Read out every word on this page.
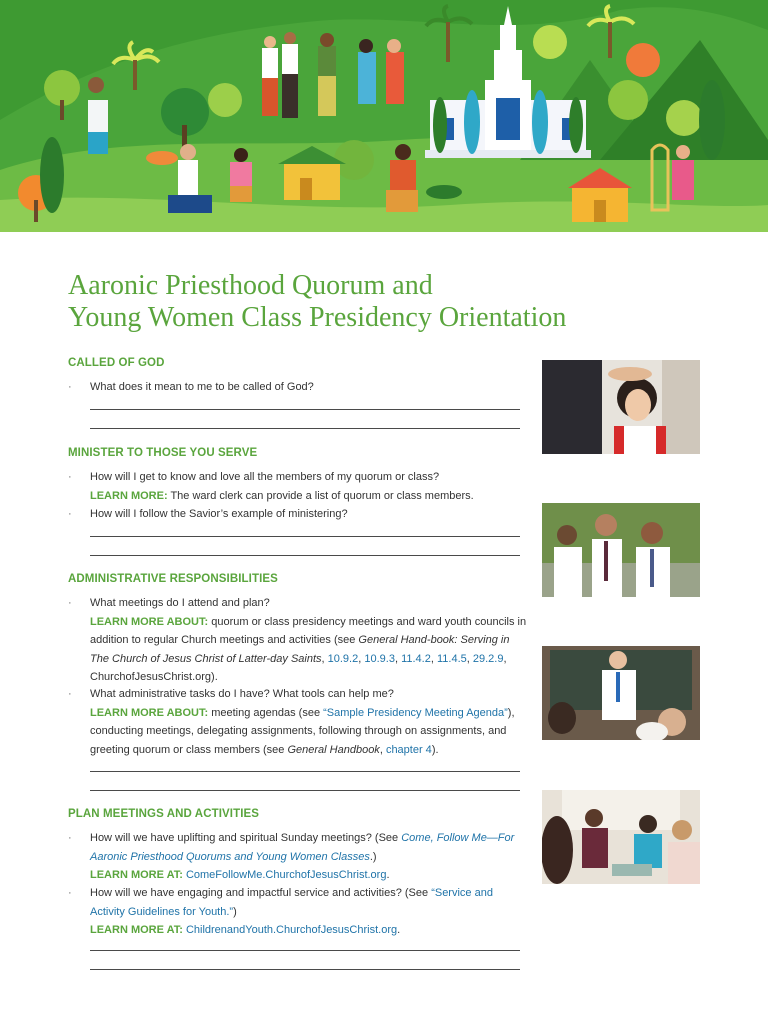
Aaronic Priesthood Quorum and
Young Women Class Presidency Orientation
CALLED OF GOD
· What does it mean to me to be called of God?
MINISTER TO THOSE YOU SERVE
· How will I get to know and love all the members of my quorum or class?
LEARN MORE: The ward clerk can provide a list of quorum or class members.
· How will I follow the Savior’s example of ministering?
ADMINISTRATIVE RESPONSIBILITIES
· What meetings do I attend and plan?
LEARN MORE ABOUT: quorum or class presidency meetings and ward youth councils in addition to regular Church meetings and activities (see General Hand-book: Serving in The Church of Jesus Christ of Latter-day Saints, 10.9.2, 10.9.3, 11.4.2, 11.4.5, 29.2.9, ChurchofJesusChrist.org).
· What administrative tasks do I have? What tools can help me?
LEARN MORE ABOUT: meeting agendas (see “Sample Presidency Meeting Agenda”), conducting meetings, delegating assignments, following through on assignments, and greeting quorum or class members (see General Handbook, chapter 4).
PLAN MEETINGS AND ACTIVITIES
· How will we have uplifting and spiritual Sunday meetings? (See Come, Follow Me—For Aaronic Priesthood Quorums and Young Women Classes.)
LEARN MORE AT: ComeFollowMe.ChurchofJesusChrist.org.
· How will we have engaging and impactful service and activities? (See “Service and Activity Guidelines for Youth.”)
LEARN MORE AT: ChildrenandYouth.ChurchofJesusChrist.org.
